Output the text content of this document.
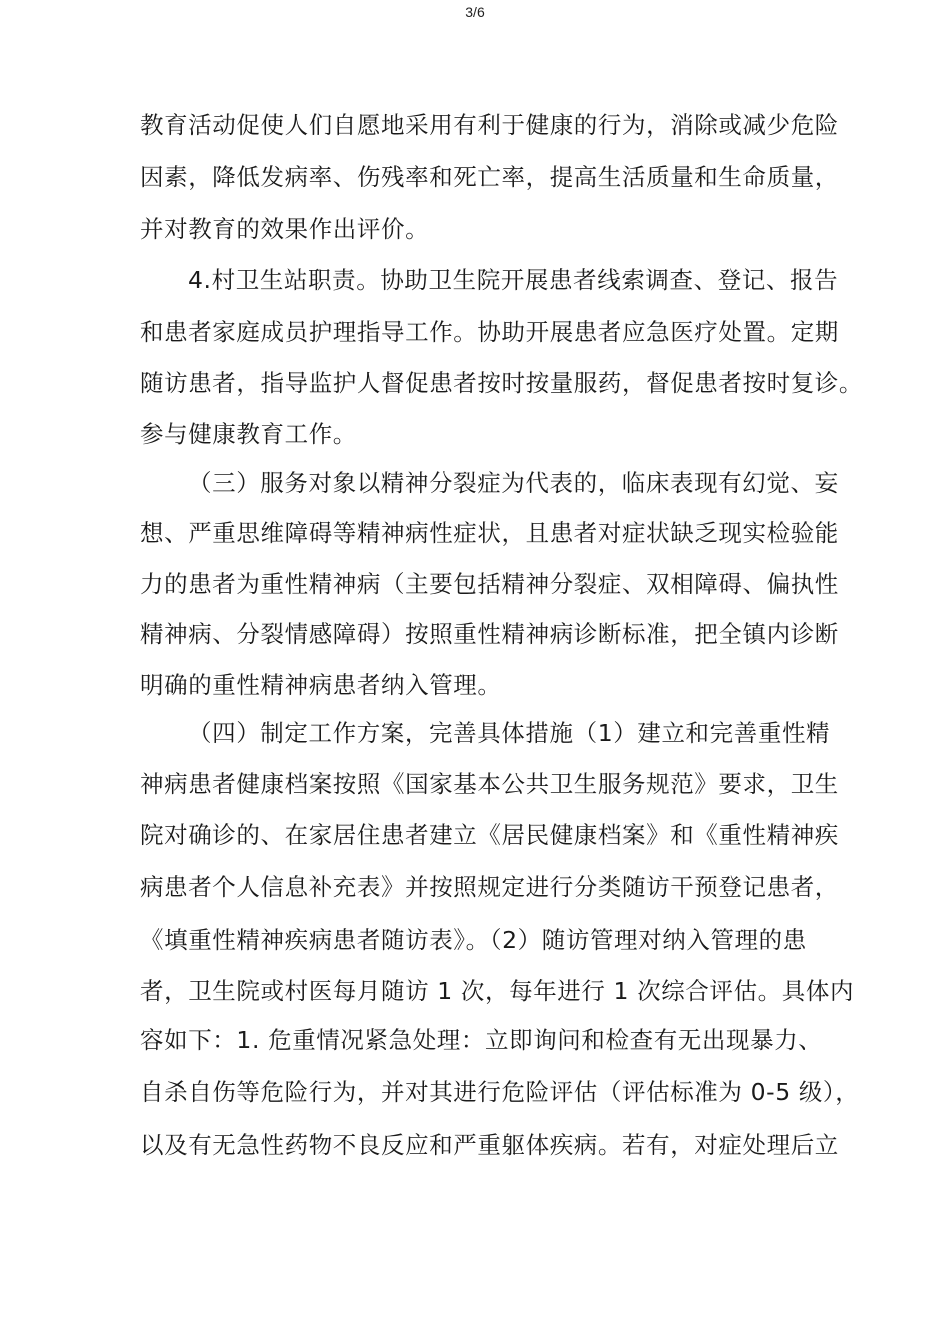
3/6
教育活动促使人们自愿地采用有利于健康的行为，消除或减少危险
因素，降低发病率、伤残率和死亡率，提高生活质量和生命质量，
并对教育的效果作出评价。
4.村卫生站职责。协助卫生院开展患者线索调查、登记、报告
和患者家庭成员护理指导工作。协助开展患者应急医疗处置。定期
随访患者，指导监护人督促患者按时按量服药，督促患者按时复诊。
参与健康教育工作。
（三）服务对象以精神分裂症为代表的，临床表现有幻觉、妄
想、严重思维障碍等精神病性症状，且患者对症状缺乏现实检验能
力的患者为重性精神病（主要包括精神分裂症、双相障碍、偏执性
精神病、分裂情感障碍）按照重性精神病诊断标准，把全镇内诊断
明确的重性精神病患者纳入管理。
（四）制定工作方案，完善具体措施（1）建立和完善重性精
神病患者健康档案按照《国家基本公共卫生服务规范》要求，卫生
院对确诊的、在家居住患者建立《居民健康档案》和《重性精神疾
病患者个人信息补充表》并按照规定进行分类随访干预登记患者，
《填重性精神疾病患者随访表》。（2）随访管理对纳入管理的患
者，卫生院或村医每月随访 1 次，每年进行 1 次综合评估。具体内
容如下：1. 危重情况紧急处理：立即询问和检查有无出现暴力、
自杀自伤等危险行为，并对其进行危险评估（评估标准为 0-5 级），
以及有无急性药物不良反应和严重躯体疾病。若有，对症处理后立
